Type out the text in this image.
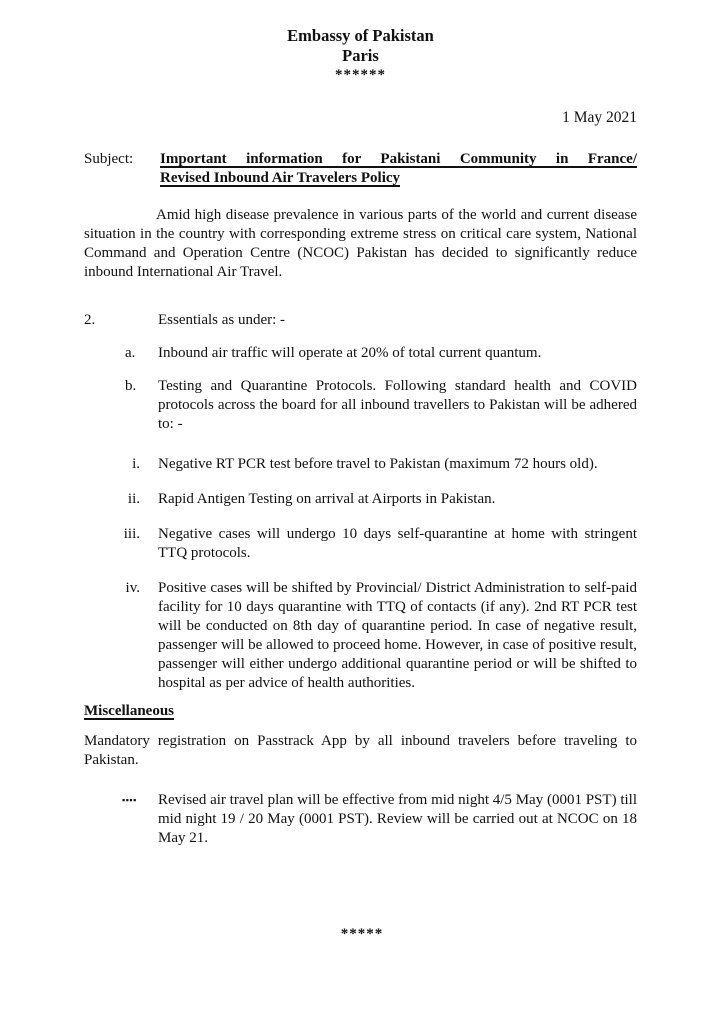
Embassy of Pakistan
Paris
******
1 May 2021
Subject:	Important information for Pakistani Community in France/
Revised Inbound Air Travelers Policy
Amid high disease prevalence in various parts of the world and current disease situation in the country with corresponding extreme stress on critical care system, National Command and Operation Centre (NCOC) Pakistan has decided to significantly reduce inbound International Air Travel.
2.	Essentials as under: -
a.	Inbound air traffic will operate at 20% of total current quantum.
b.	Testing and Quarantine Protocols. Following standard health and COVID protocols across the board for all inbound travellers to Pakistan will be adhered to: -
i. Negative RT PCR test before travel to Pakistan (maximum 72 hours old).
ii. Rapid Antigen Testing on arrival at Airports in Pakistan.
iii. Negative cases will undergo 10 days self-quarantine at home with stringent TTQ protocols.
iv. Positive cases will be shifted by Provincial/ District Administration to self-paid facility for 10 days quarantine with TTQ of contacts (if any). 2nd RT PCR test will be conducted on 8th day of quarantine period. In case of negative result, passenger will be allowed to proceed home. However, in case of positive result, passenger will either undergo additional quarantine period or will be shifted to hospital as per advice of health authorities.
Miscellaneous
Mandatory registration on Passtrack App by all inbound travelers before traveling to Pakistan.
▪▪▪▪	Revised air travel plan will be effective from mid night 4/5 May (0001 PST) till mid night 19 / 20 May (0001 PST). Review will be carried out at NCOC on 18 May 21.
*****
